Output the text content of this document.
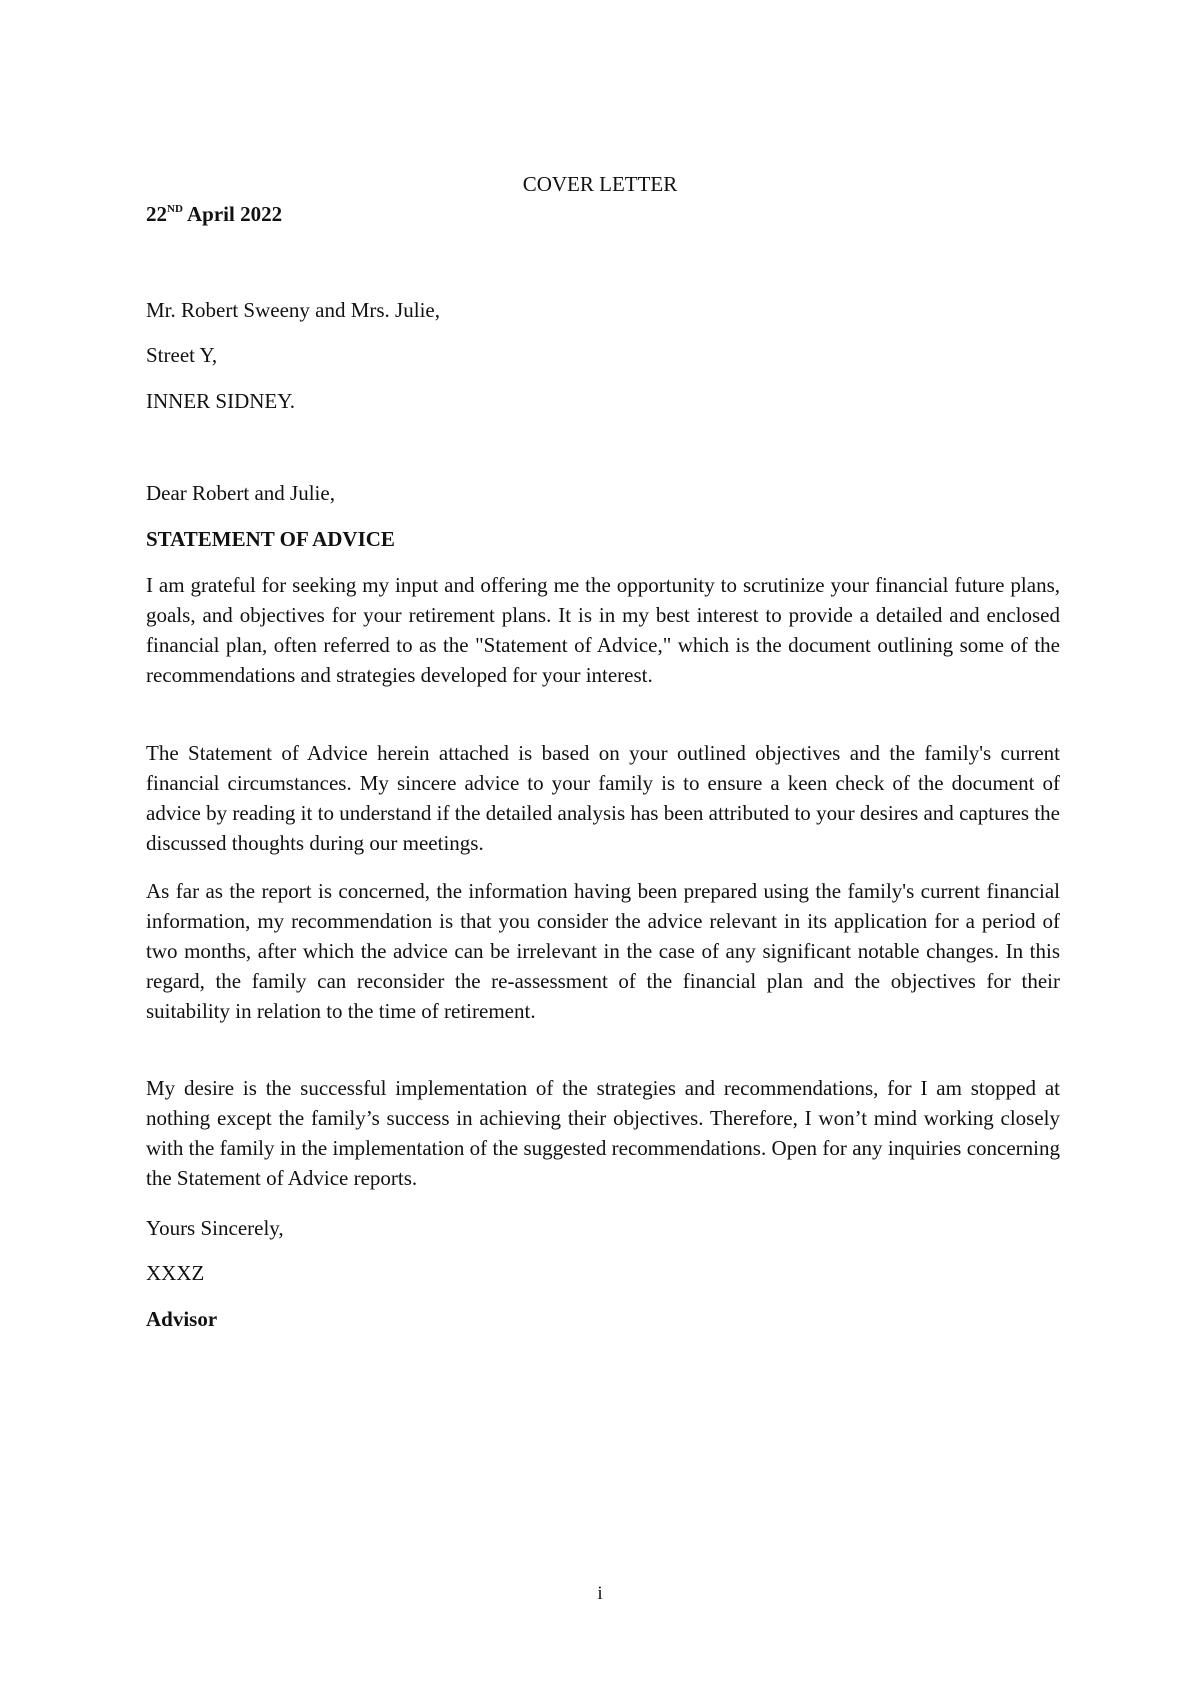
COVER LETTER
22ND April 2022
Mr. Robert Sweeny and Mrs. Julie,
Street Y,
INNER SIDNEY.
Dear Robert and Julie,
STATEMENT OF ADVICE

I am grateful for seeking my input and offering me the opportunity to scrutinize your financial future plans, goals, and objectives for your retirement plans. It is in my best interest to provide a detailed and enclosed financial plan, often referred to as the "Statement of Advice," which is the document outlining some of the recommendations and strategies developed for your interest.

The Statement of Advice herein attached is based on your outlined objectives and the family's current financial circumstances. My sincere advice to your family is to ensure a keen check of the document of advice by reading it to understand if the detailed analysis has been attributed to your desires and captures the discussed thoughts during our meetings.

As far as the report is concerned, the information having been prepared using the family's current financial information, my recommendation is that you consider the advice relevant in its application for a period of two months, after which the advice can be irrelevant in the case of any significant notable changes. In this regard, the family can reconsider the re-assessment of the financial plan and the objectives for their suitability in relation to the time of retirement.

My desire is the successful implementation of the strategies and recommendations, for I am stopped at nothing except the family’s success in achieving their objectives. Therefore, I won’t mind working closely with the family in the implementation of the suggested recommendations. Open for any inquiries concerning the Statement of Advice reports.

Yours Sincerely,
XXXZ
Advisor
i
